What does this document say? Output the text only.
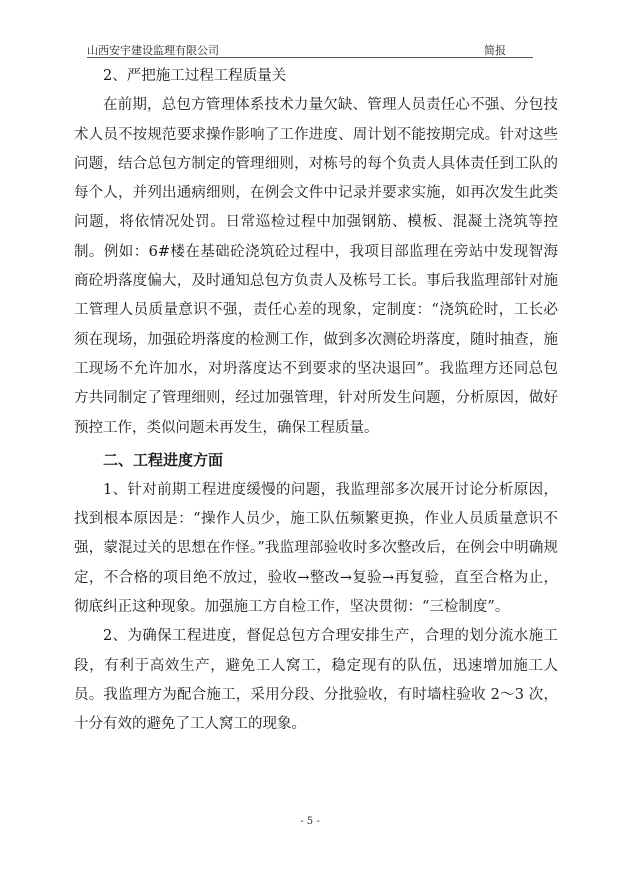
山西安宇建设监理有限公司	简报

2、严把施工过程工程质量关

在前期，总包方管理体系技术力量欠缺、管理人员责任心不强、分包技术人员不按规范要求操作影响了工作进度、周计划不能按期完成。针对这些问题，结合总包方制定的管理细则，对栋号的每个负责人具体责任到工队的每个人，并列出通病细则，在例会文件中记录并要求实施，如再次发生此类问题，将依情况处罚。日常巡检过程中加强钢筋、模板、混凝土浇筑等控制。例如：6#楼在基础砼浇筑砼过程中，我项目部监理在旁站中发现智海商砼坍落度偏大，及时通知总包方负责人及栋号工长。事后我监理部针对施工管理人员质量意识不强，责任心差的现象，定制度：“浇筑砼时，工长必须在现场，加强砼坍落度的检测工作，做到多次测砼坍落度，随时抽查，施工现场不允许加水，对坍落度达不到要求的坚决退回”。我监理方还同总包方共同制定了管理细则，经过加强管理，针对所发生问题，分析原因，做好预控工作，类似问题未再发生，确保工程质量。

二、工程进度方面

1、针对前期工程进度缓慢的问题，我监理部多次展开讨论分析原因，找到根本原因是：“操作人员少，施工队伍频繁更换，作业人员质量意识不强，蒙混过关的思想在作怪。”我监理部验收时多次整改后，在例会中明确规定，不合格的项目绝不放过，验收→整改→复验→再复验，直至合格为止，彻底纠正这种现象。加强施工方自检工作，坚决贯彻：“三检制度”。

2、为确保工程进度，督促总包方合理安排生产，合理的划分流水施工段，有利于高效生产，避免工人窝工，稳定现有的队伍，迅速增加施工人员。我监理方为配合施工，采用分段、分批验收，有时墙柱验收 2～3 次，十分有效的避免了工人窝工的现象。

- 5 -
